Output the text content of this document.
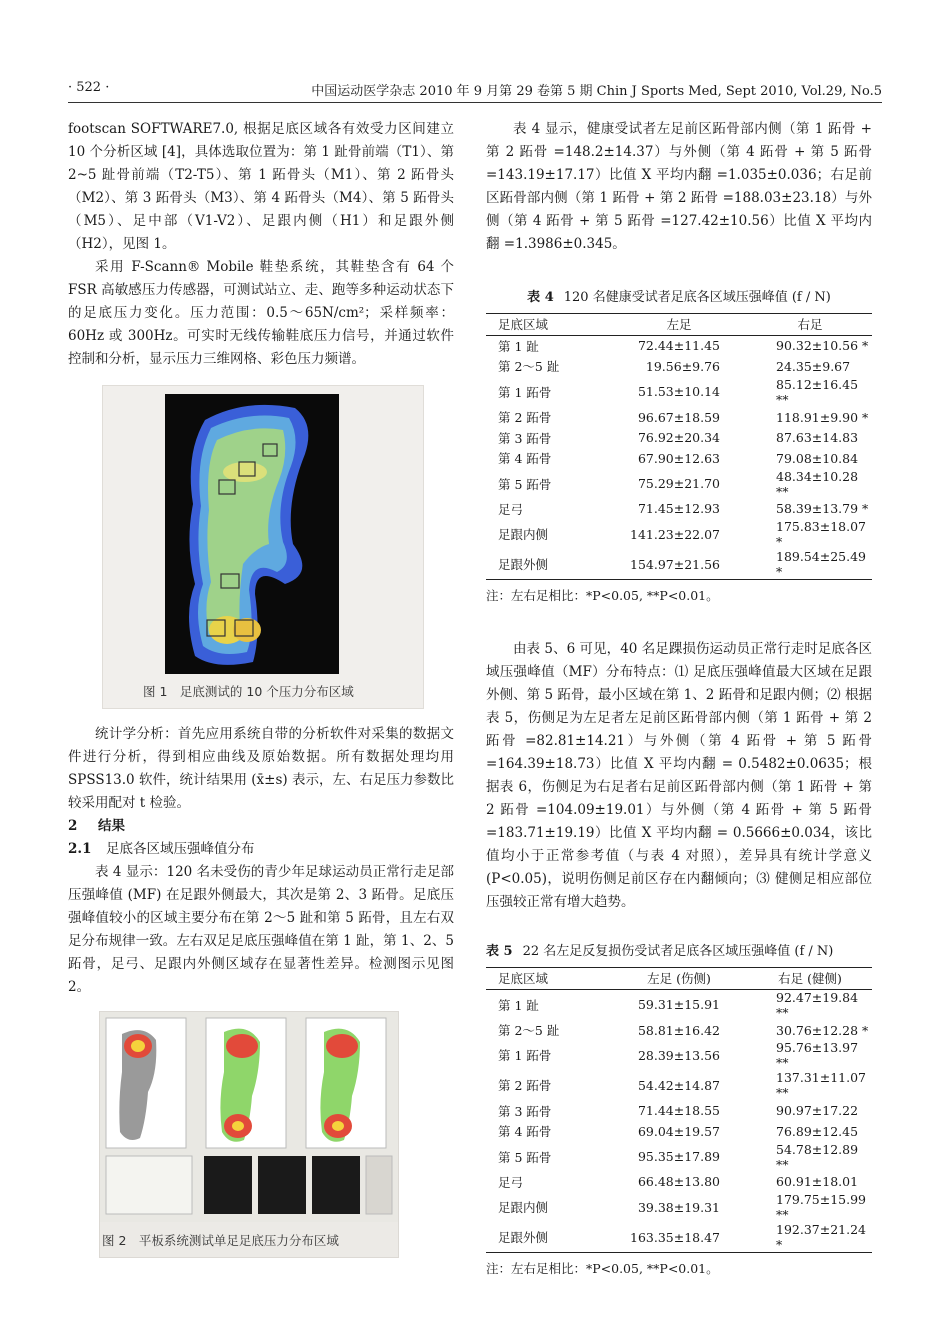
· 522 ·	中国运动医学杂志 2010 年 9 月第 29 卷第 5 期 Chin J Sports Med, Sept 2010, Vol.29, No.5

footscan SOFTWARE7.0, 根据足底区域各有效受力区间建立 10 个分析区域 [4]，具体选取位置为：第 1 趾骨前端（T1）、第 2~5 趾骨前端（T2-T5）、第 1 跖骨头（M1）、第 2 跖骨头（M2）、第 3 跖骨头（M3）、第 4 跖骨头（M4）、第 5 跖骨头（M5）、足中部（V1-V2）、足跟内侧（H1）和足跟外侧（H2），见图 1。

采用 F-Scann® Mobile 鞋垫系统，其鞋垫含有 64 个 FSR 高敏感压力传感器，可测试站立、走、跑等多种运动状态下的足底压力变化。压力范围：0.5～65N/cm²；采样频率：60Hz 或 300Hz。可实时无线传输鞋底压力信号，并通过软件控制和分析，显示压力三维网格、彩色压力频谱。

图 1　足底测试的 10 个压力分布区域

统计学分析：首先应用系统自带的分析软件对采集的数据文件进行分析，得到相应曲线及原始数据。所有数据处理均用 SPSS13.0 软件，统计结果用 (x̄±s) 表示，左、右足压力参数比较采用配对 t 检验。

2 结果
2.1 足底各区域压强峰值分布

表 4 显示：120 名未受伤的青少年足球运动员正常行走足部压强峰值 (MF) 在足跟外侧最大，其次是第 2、3 跖骨。足底压强峰值较小的区域主要分布在第 2～5 趾和第 5 跖骨，且左右双足分布规律一致。左右双足足底压强峰值在第 1 趾，第 1、2、5 跖骨，足弓、足跟内外侧区域存在显著性差异。检测图示见图 2。

图 2　平板系统测试单足足底压力分布区域

表 4 显示，健康受试者左足前区跖骨部内侧（第 1 跖骨 + 第 2 跖骨 =148.2±14.37）与外侧（第 4 跖骨 + 第 5 跖骨 =143.19±17.17）比值 X 平均内翻 =1.035±0.036；右足前区跖骨部内侧（第 1 跖骨 + 第 2 跖骨 =188.03±23.18）与外侧（第 4 跖骨 + 第 5 跖骨 =127.42±10.56）比值 X 平均内翻 =1.3986±0.345。

表 4 120 名健康受试者足底各区域压强峰值 (f / N)

足底区域	左足	右足
第 1 趾	72.44±11.45	90.32±10.56 *
第 2～5 趾	19.56±9.76	24.35±9.67
第 1 跖骨	51.53±10.14	85.12±16.45 **
第 2 跖骨	96.67±18.59	118.91±9.90 *
第 3 跖骨	76.92±20.34	87.63±14.83
第 4 跖骨	67.90±12.63	79.08±10.84
第 5 跖骨	75.29±21.70	48.34±10.28 **
足弓	71.45±12.93	58.39±13.79 *
足跟内侧	141.23±22.07	175.83±18.07 *
足跟外侧	154.97±21.56	189.54±25.49 *

注：左右足相比：*P<0.05, **P<0.01。

由表 5、6 可见，40 名足踝损伤运动员正常行走时足底各区域压强峰值（MF）分布特点：⑴ 足底压强峰值最大区域在足跟外侧、第 5 跖骨，最小区域在第 1、2 跖骨和足跟内侧；⑵ 根据表 5，伤侧足为左足者左足前区跖骨部内侧（第 1 跖骨 + 第 2 跖骨 =82.81±14.21）与外侧（第 4 跖骨 + 第 5 跖骨 =164.39±18.73）比值 X 平均内翻 = 0.5482±0.0635；根据表 6，伤侧足为右足者右足前区跖骨部内侧（第 1 跖骨 + 第 2 跖骨 =104.09±19.01）与外侧（第 4 跖骨 + 第 5 跖骨 =183.71±19.19）比值 X 平均内翻 = 0.5666±0.034，该比值均小于正常参考值（与表 4 对照），差异具有统计学意义 (P<0.05)，说明伤侧足前区存在内翻倾向；⑶ 健侧足相应部位压强较正常有增大趋势。

表 5 22 名左足反复损伤受试者足底各区域压强峰值 (f / N)

足底区域	左足 (伤侧)	右足 (健侧)
第 1 趾	59.31±15.91	92.47±19.84 **
第 2～5 趾	58.81±16.42	30.76±12.28 *
第 1 跖骨	28.39±13.56	95.76±13.97 **
第 2 跖骨	54.42±14.87	137.31±11.07 **
第 3 跖骨	71.44±18.55	90.97±17.22
第 4 跖骨	69.04±19.57	76.89±12.45
第 5 跖骨	95.35±17.89	54.78±12.89 **
足弓	66.48±13.80	60.91±18.01
足跟内侧	39.38±19.31	179.75±15.99 **
足跟外侧	163.35±18.47	192.37±21.24 *

注：左右足相比：*P<0.05, **P<0.01。
